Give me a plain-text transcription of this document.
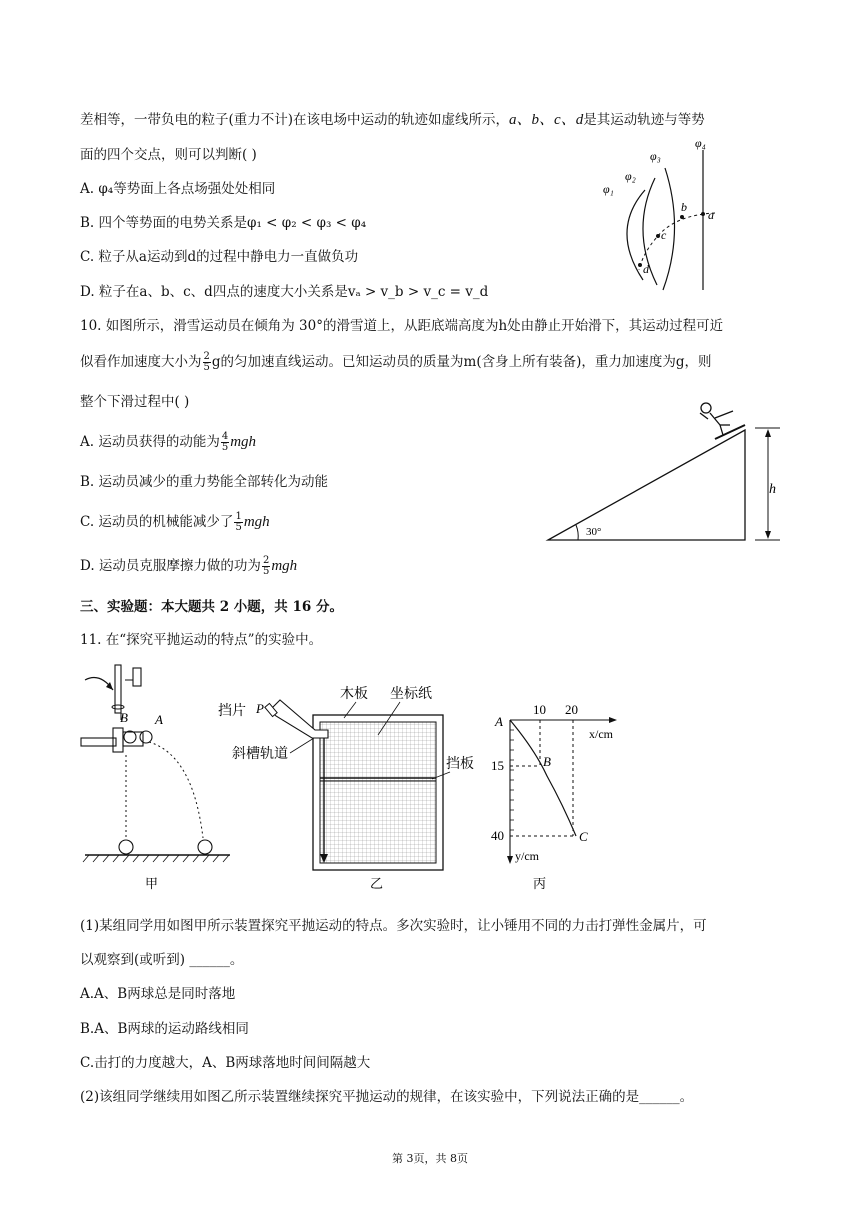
差相等，一带负电的粒子(重力不计)在该电场中运动的轨迹如虚线所示，a、b、c、d是其运动轨迹与等势
面的四个交点，则可以判断( )
A. φ₄等势面上各点场强处处相同
B. 四个等势面的电势关系是φ₁ < φ₂ < φ₃ < φ₄
C. 粒子从a运动到d的过程中静电力一直做负功
D. 粒子在a、b、c、d四点的速度大小关系是vₐ > v_b > v_c = v_d
φ₁
φ₂
φ₃
φ₄
a
b
c
d
10. 如图所示，滑雪运动员在倾角为 30°的滑雪道上，从距底端高度为h处由静止开始滑下，其运动过程可近
似看作加速度大小为 $\frac{2}{5}$ g的匀加速直线运动。已知运动员的质量为m(含身上所有装备)，重力加速度为g，则
整个下滑过程中( )
A. 运动员获得的动能为 $\frac{4}{5}$ mgh
B. 运动员减少的重力势能全部转化为动能
C. 运动员的机械能减少了 $\frac{1}{5}$ mgh
D. 运动员克服摩擦力做的功为 $\frac{2}{5}$ mgh
30°
h
三、实验题：本大题共 2 小题，共 16 分。
11. 在“探究平抛运动的特点”的实验中。
B A
甲
挡片 P
斜槽轨道
木板 坐标纸
挡板
乙
A
B
C
10 20
x/cm
15
40
y/cm
丙
(1)某组同学用如图甲所示装置探究平抛运动的特点。多次实验时，让小锤用不同的力击打弹性金属片，可
以观察到(或听到) ______。
A.A、B两球总是同时落地
B.A、B两球的运动路线相同
C.击打的力度越大，A、B两球落地时间间隔越大
(2)该组同学继续用如图乙所示装置继续探究平抛运动的规律，在该实验中，下列说法正确的是______。
第 3页，共 8页
